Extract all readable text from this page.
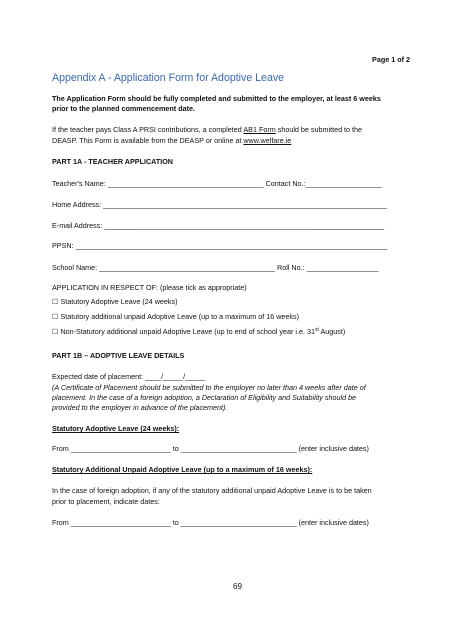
Page 1 of 2
Appendix A - Application Form for Adoptive Leave
The Application Form should be fully completed and submitted to the employer, at least 6 weeks
prior to the planned commencement date.
If the teacher pays Class A PRSI contributions, a completed AB1 Form should be submitted to the
DEASP. This Form is available from the DEASP or online at www.welfare.ie
PART 1A - TEACHER APPLICATION
Teacher's Name: _______________________________________ Contact No.:___________________
Home Address: _______________________________________________________________________
E-mail Address: ______________________________________________________________________
PPSN: ______________________________________________________________________________
School Name: ____________________________________________ Roll No.: __________________
APPLICATION IN RESPECT OF: (please tick as appropriate)
☐ Statutory Adoptive Leave (24 weeks)
☐ Statutory additional unpaid Adoptive Leave (up to a maximum of 16 weeks)
☐ Non-Statutory additional unpaid Adoptive Leave (up to end of school year i.e. 31st August)
PART 1B – ADOPTIVE LEAVE DETAILS
Expected date of placement: ____/_____/_____
(A Certificate of Placement should be submitted to the employer no later than 4 weeks after date of
placement. In the case of a foreign adoption, a Declaration of Eligibility and Suitability should be
provided to the employer in advance of the placement).
Statutory Adoptive Leave (24 weeks):
From _________________________ to _____________________________ (enter inclusive dates)
Statutory Additional Unpaid Adoptive Leave (up to a maximum of 16 weeks):
In the case of foreign adoption, if any of the statutory additional unpaid Adoptive Leave is to be taken
prior to placement, indicate dates:
From _________________________ to _____________________________ (enter inclusive dates)
69
